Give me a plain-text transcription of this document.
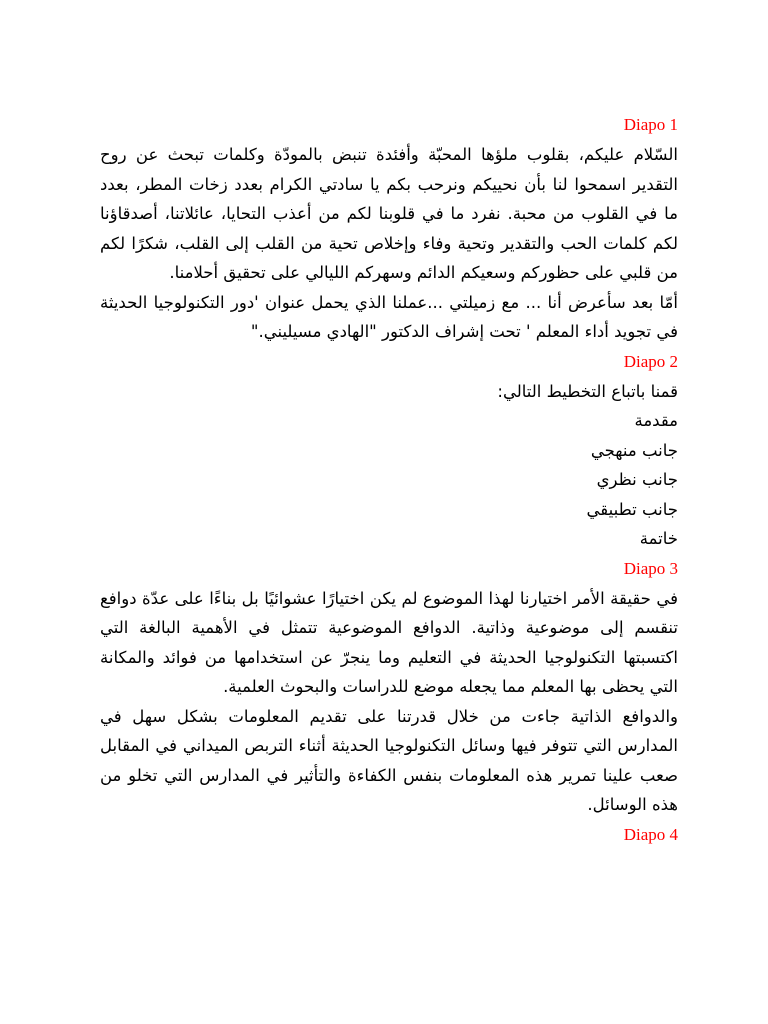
Diapo 1

السّلام عليكم، بقلوب ملؤها المحبّة وأفئدة تنبض بالمودّة وكلمات تبحث عن روح التقدير اسمحوا لنا بأن نحييكم ونرحب بكم يا سادتي الكرام بعدد زخات المطر، بعدد ما في القلوب من محبة. نفرد ما في قلوبنا لكم من أعذب التحايا، عائلاتنا، أصدقاؤنا لكم كلمات الحب والتقدير وتحية وفاء وإخلاص تحية من القلب إلى القلب، شكرًا لكم من قلبي على حظوركم وسعيكم الدائم وسهركم الليالي على تحقيق أحلامنا.

أمّا بعد سأعرض أنا ... مع زميلتي ...عملنا الذي يحمل عنوان 'دور التكنولوجيا الحديثة في تجويد أداء المعلم ' تحت إشراف الدكتور "الهادي مسيليني."

Diapo 2

قمنا باتباع التخطيط التالي:

مقدمة

جانب منهجي

جانب نظري

جانب تطبيقي

خاتمة

Diapo 3

في حقيقة الأمر اختيارنا لهذا الموضوع لم يكن اختيارًا عشوائيًا بل بناءًا على عدّة دوافع تنقسم إلى موضوعية وذاتية. الدوافع الموضوعية تتمثل في الأهمية البالغة التي اكتسبتها التكنولوجيا الحديثة في التعليم وما ينجرّ عن استخدامها من فوائد والمكانة التي يحظى بها المعلم مما يجعله موضع للدراسات والبحوث العلمية.

والدوافع الذاتية جاءت من خلال قدرتنا على تقديم المعلومات بشكل سهل في المدارس التي تتوفر فيها وسائل التكنولوجيا الحديثة أثناء التربص الميداني في المقابل صعب علينا تمرير هذه المعلومات بنفس الكفاءة والتأثير في المدارس التي تخلو من هذه الوسائل.

Diapo 4
